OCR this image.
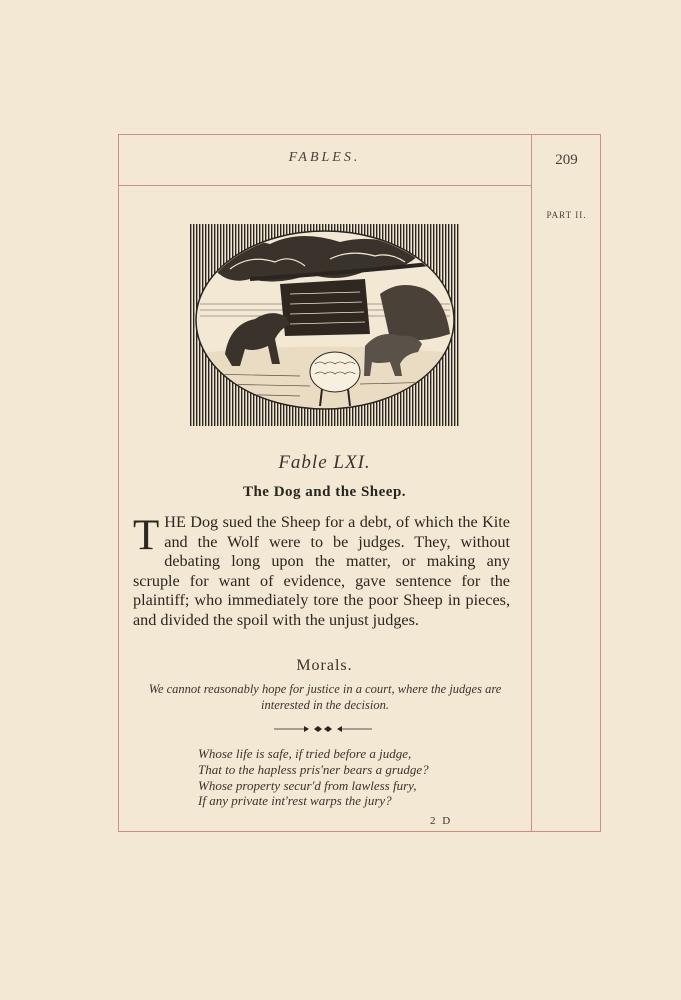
FABLES.	209
PART II.
Fable LXI.
The Dog and the Sheep.
THE Dog sued the Sheep for a debt, of which the Kite and the Wolf were to be judges. They, without debating long upon the matter, or making any scruple for want of evidence, gave sentence for the plaintiff; who immediately tore the poor Sheep in pieces, and divided the spoil with the unjust judges.
Morals.
We cannot reasonably hope for justice in a court, where the judges are interested in the decision.
Whose life is safe, if tried before a judge,
That to the hapless pris'ner bears a grudge?
Whose property secur'd from lawless fury,
If any private int'rest warps the jury?
2 D
